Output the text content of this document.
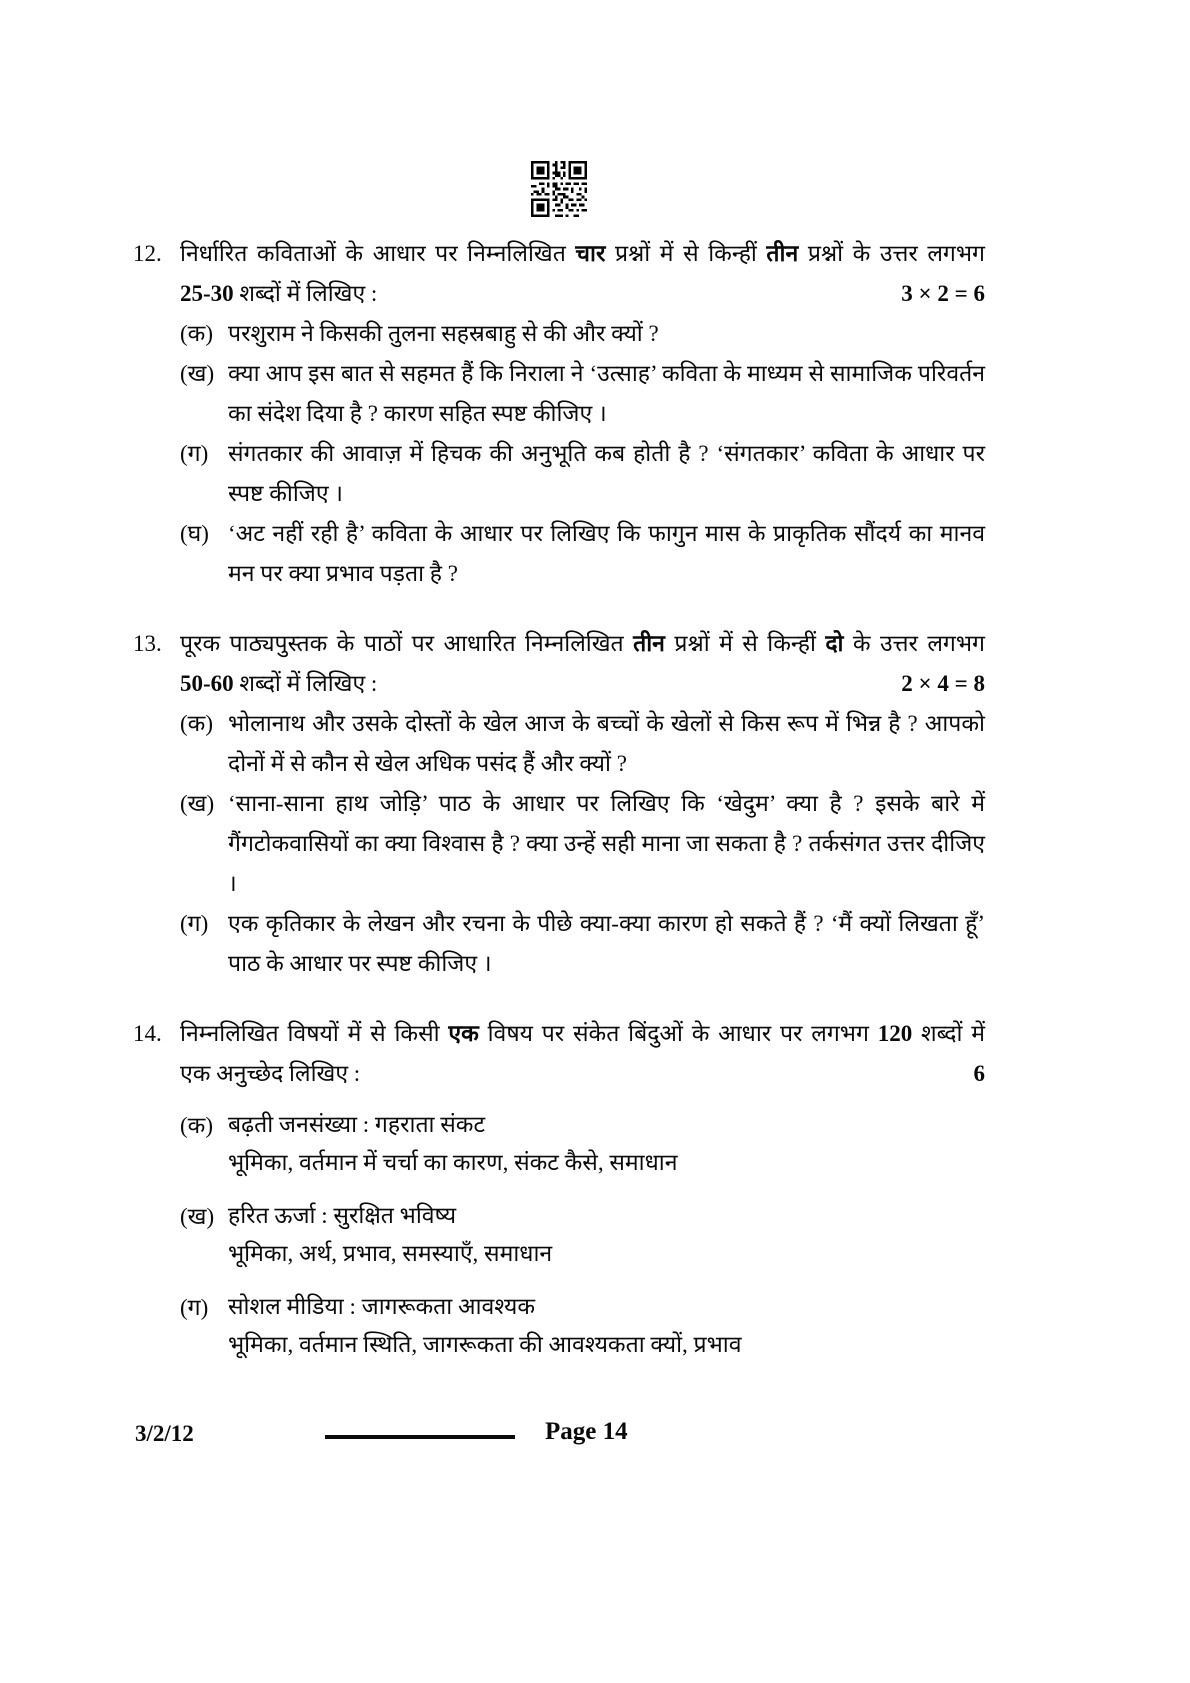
12. निर्धारित कविताओं के आधार पर निम्नलिखित चार प्रश्नों में से किन्हीं तीन प्रश्नों के उत्तर लगभग
25-30 शब्दों में लिखिए :	3 × 2 = 6
(क) परशुराम ने किसकी तुलना सहस्रबाहु से की और क्यों ?
(ख) क्या आप इस बात से सहमत हैं कि निराला ने ‘उत्साह’ कविता के माध्यम से सामाजिक परिवर्तन का संदेश दिया है ? कारण सहित स्पष्ट कीजिए ।
(ग) संगतकार की आवाज़ में हिचक की अनुभूति कब होती है ? ‘संगतकार’ कविता के आधार पर स्पष्ट कीजिए ।
(घ) ‘अट नहीं रही है’ कविता के आधार पर लिखिए कि फागुन मास के प्राकृतिक सौंदर्य का मानव मन पर क्या प्रभाव पड़ता है ?
13. पूरक पाठ्यपुस्तक के पाठों पर आधारित निम्नलिखित तीन प्रश्नों में से किन्हीं दो के उत्तर लगभग
50-60 शब्दों में लिखिए :	2 × 4 = 8
(क) भोलानाथ और उसके दोस्तों के खेल आज के बच्चों के खेलों से किस रूप में भिन्न है ? आपको दोनों में से कौन से खेल अधिक पसंद हैं और क्यों ?
(ख) ‘साना-साना हाथ जोड़ि’ पाठ के आधार पर लिखिए कि ‘खेदुम’ क्या है ? इसके बारे में गैंगटोकवासियों का क्या विश्वास है ? क्या उन्हें सही माना जा सकता है ? तर्कसंगत उत्तर दीजिए ।
(ग) एक कृतिकार के लेखन और रचना के पीछे क्या-क्या कारण हो सकते हैं ? ‘मैं क्यों लिखता हूँ’ पाठ के आधार पर स्पष्ट कीजिए ।
14. निम्नलिखित विषयों में से किसी एक विषय पर संकेत बिंदुओं के आधार पर लगभग 120 शब्दों में
एक अनुच्छेद लिखिए :	6
(क) बढ़ती जनसंख्या : गहराता संकट
भूमिका, वर्तमान में चर्चा का कारण, संकट कैसे, समाधान
(ख) हरित ऊर्जा : सुरक्षित भविष्य
भूमिका, अर्थ, प्रभाव, समस्याएँ, समाधान
(ग) सोशल मीडिया : जागरूकता आवश्यक
भूमिका, वर्तमान स्थिति, जागरूकता की आवश्यकता क्यों, प्रभाव
3/2/12	Page 14
